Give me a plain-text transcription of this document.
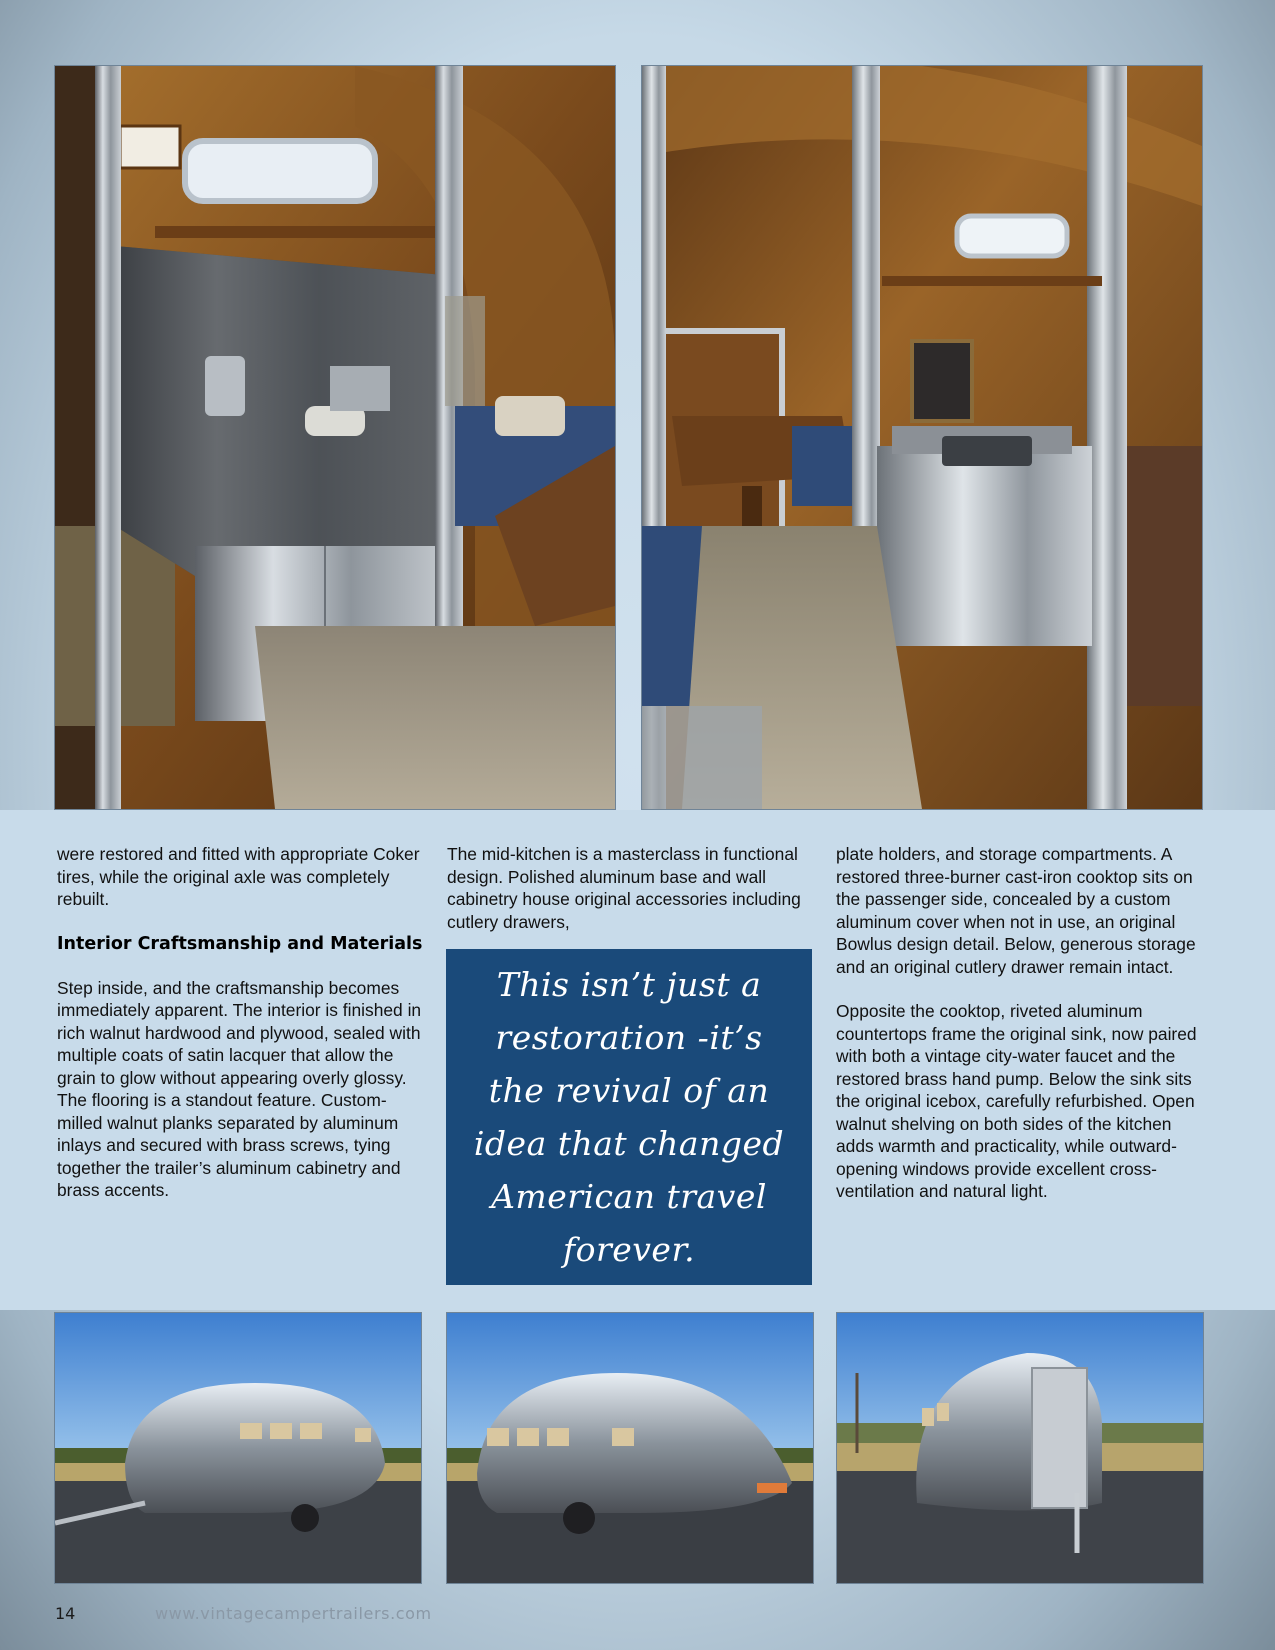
were restored and fitted with appropriate Coker tires, while the original axle was completely rebuilt.

Interior Craftsmanship and Materials

Step inside, and the craftsmanship becomes immediately apparent. The interior is finished in rich walnut hardwood and plywood, sealed with multiple coats of satin lacquer that allow the grain to glow without appearing overly glossy. The flooring is a standout feature. Custom-milled walnut planks separated by aluminum inlays and secured with brass screws, tying together the trailer’s aluminum cabinetry and brass accents.

The mid-kitchen is a masterclass in functional design. Polished aluminum base and wall cabinetry house original accessories including cutlery drawers,

This isn’t just a restoration -it’s the revival of an idea that changed American travel forever.

plate holders, and storage compartments. A restored three-burner cast-iron cooktop sits on the passenger side, concealed by a custom aluminum cover when not in use, an original Bowlus design detail. Below, generous storage and an original cutlery drawer remain intact.

Opposite the cooktop, riveted aluminum countertops frame the original sink, now paired with both a vintage city-water faucet and the restored brass hand pump. Below the sink sits the original icebox, carefully refurbished. Open walnut shelving on both sides of the kitchen adds warmth and practicality, while outward-opening windows provide excellent cross-ventilation and natural light.

14	www.vintagecampertrailers.com
